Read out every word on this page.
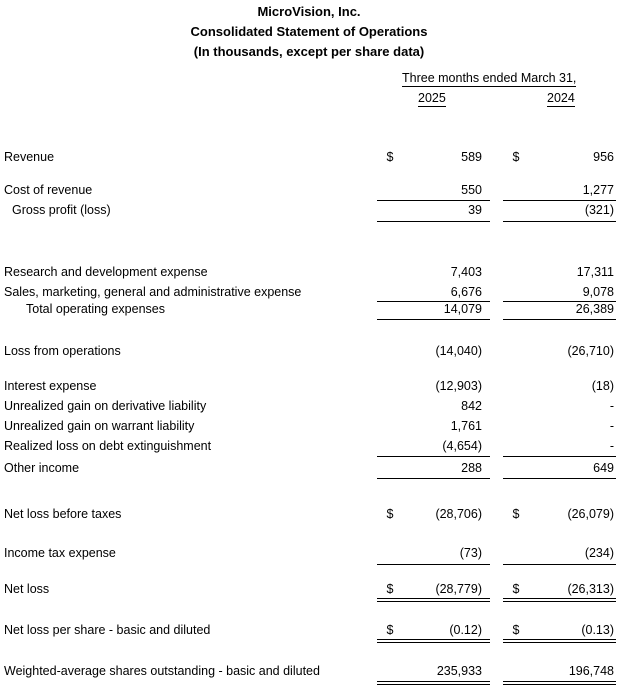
MicroVision, Inc.
Consolidated Statement of Operations
(In thousands, except per share data)
Three months ended March 31,
2025	2024
Revenue	$	589 $	956
Cost of revenue	550	1,277
Gross profit (loss)	39	(321)
Research and development expense	7,403	17,311
Sales, marketing, general and administrative expense	6,676	9,078
Total operating expenses	14,079	26,389
Loss from operations	(14,040)	(26,710)
Interest expense	(12,903)	(18)
Unrealized gain on derivative liability	842	-
Unrealized gain on warrant liability	1,761	-
Realized loss on debt extinguishment	(4,654)	-
Other income	288	649
Net loss before taxes	$	(28,706) $	(26,079)
Income tax expense	(73)	(234)
Net loss	$	(28,779) $	(26,313)
Net loss per share - basic and diluted	$	(0.12) $	(0.13)
Weighted-average shares outstanding - basic and diluted	235,933	196,748
